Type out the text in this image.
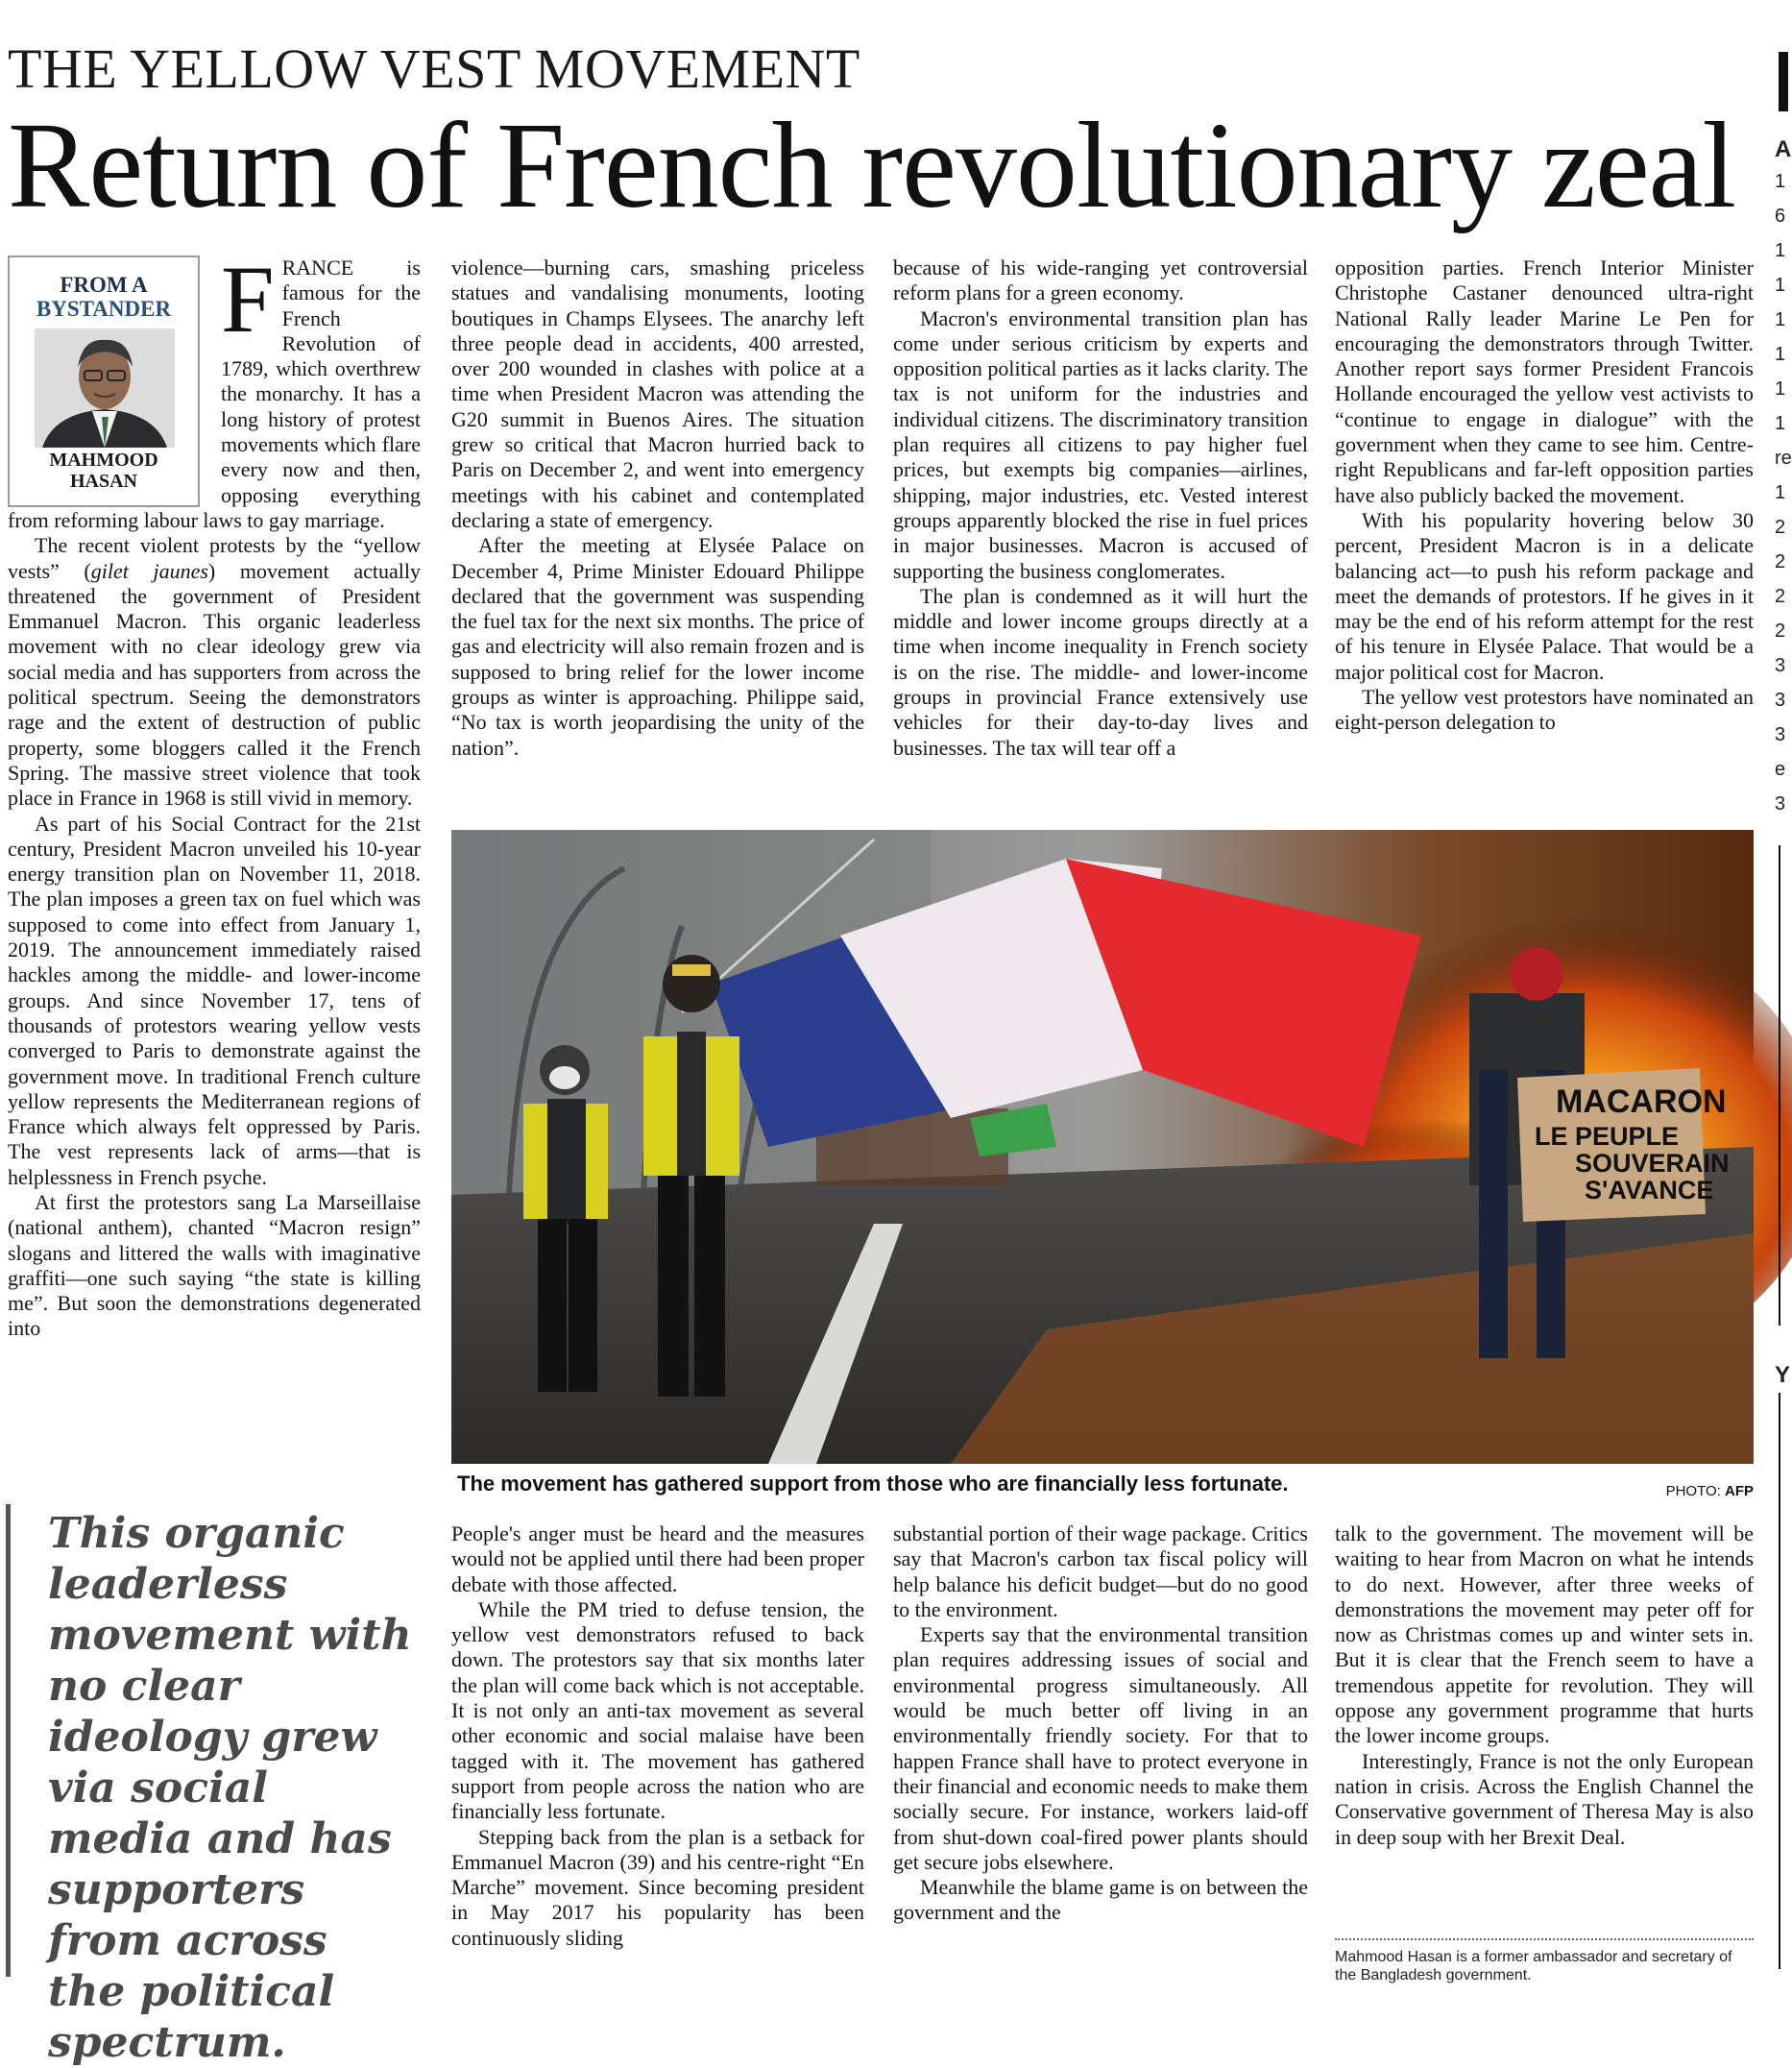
THE YELLOW VEST MOVEMENT
Return of French revolutionary zeal
FROM A
BYSTANDER
MAHMOOD
HASAN

FRANCE is famous for the French Revolution of 1789, which overthrew the monarchy. It has a long history of protest movements which flare every now and then, opposing everything from reforming labour laws to gay marriage.

The recent violent protests by the “yellow vests” (gilet jaunes) movement actually threatened the government of President Emmanuel Macron. This organic leaderless movement with no clear ideology grew via social media and has supporters from across the political spectrum. Seeing the demonstrators rage and the extent of destruction of public property, some bloggers called it the French Spring. The massive street violence that took place in France in 1968 is still vivid in memory.

As part of his Social Contract for the 21st century, President Macron unveiled his 10-year energy transition plan on November 11, 2018. The plan imposes a green tax on fuel which was supposed to come into effect from January 1, 2019. The announcement immediately raised hackles among the middle- and lower-income groups. And since November 17, tens of thousands of protestors wearing yellow vests converged to Paris to demonstrate against the government move. In traditional French culture yellow represents the Mediterranean regions of France which always felt oppressed by Paris. The vest represents lack of arms—that is helplessness in French psyche.

At first the protestors sang La Marseillaise (national anthem), chanted “Macron resign” slogans and littered the walls with imaginative graffiti—one such saying “the state is killing me”. But soon the demonstrations degenerated into

violence—burning cars, smashing priceless statues and vandalising monuments, looting boutiques in Champs Elysees. The anarchy left three people dead in accidents, 400 arrested, over 200 wounded in clashes with police at a time when President Macron was attending the G20 summit in Buenos Aires. The situation grew so critical that Macron hurried back to Paris on December 2, and went into emergency meetings with his cabinet and contemplated declaring a state of emergency.

After the meeting at Elysée Palace on December 4, Prime Minister Edouard Philippe declared that the government was suspending the fuel tax for the next six months. The price of gas and electricity will also remain frozen and is supposed to bring relief for the lower income groups as winter is approaching. Philippe said, “No tax is worth jeopardising the unity of the nation”.

because of his wide-ranging yet controversial reform plans for a green economy.

Macron's environmental transition plan has come under serious criticism by experts and opposition political parties as it lacks clarity. The tax is not uniform for the industries and individual citizens. The discriminatory transition plan requires all citizens to pay higher fuel prices, but exempts big companies—airlines, shipping, major industries, etc. Vested interest groups apparently blocked the rise in fuel prices in major businesses. Macron is accused of supporting the business conglomerates.

The plan is condemned as it will hurt the middle and lower income groups directly at a time when income inequality in French society is on the rise. The middle- and lower-income groups in provincial France extensively use vehicles for their day-to-day lives and businesses. The tax will tear off a

opposition parties. French Interior Minister Christophe Castaner denounced ultra-right National Rally leader Marine Le Pen for encouraging the demonstrators through Twitter. Another report says former President Francois Hollande encouraged the yellow vest activists to “continue to engage in dialogue” with the government when they came to see him. Centre-right Republicans and far-left opposition parties have also publicly backed the movement.

With his popularity hovering below 30 percent, President Macron is in a delicate balancing act—to push his reform package and meet the demands of protestors. If he gives in it may be the end of his reform attempt for the rest of his tenure in Elysée Palace. That would be a major political cost for Macron.

The yellow vest protestors have nominated an eight-person delegation to

MACARON
LE PEUPLE
SOUVERAIN
S'AVANCE
The movement has gathered support from those who are financially less fortunate.	PHOTO: AFP
This organic leaderless movement with no clear ideology grew via social media and has supporters from across the political spectrum.

People's anger must be heard and the measures would not be applied until there had been proper debate with those affected.

While the PM tried to defuse tension, the yellow vest demonstrators refused to back down. The protestors say that six months later the plan will come back which is not acceptable. It is not only an anti-tax movement as several other economic and social malaise have been tagged with it. The movement has gathered support from people across the nation who are financially less fortunate.

Stepping back from the plan is a setback for Emmanuel Macron (39) and his centre-right “En Marche” movement. Since becoming president in May 2017 his popularity has been continuously sliding

substantial portion of their wage package. Critics say that Macron's carbon tax fiscal policy will help balance his deficit budget—but do no good to the environment.

Experts say that the environmental transition plan requires addressing issues of social and environmental progress simultaneously. All would be much better off living in an environmentally friendly society. For that to happen France shall have to protect everyone in their financial and economic needs to make them socially secure. For instance, workers laid-off from shut-down coal-fired power plants should get secure jobs elsewhere.

Meanwhile the blame game is on between the government and the

talk to the government. The movement will be waiting to hear from Macron on what he intends to do next. However, after three weeks of demonstrations the movement may peter off for now as Christmas comes up and winter sets in. But it is clear that the French seem to have a tremendous appetite for revolution. They will oppose any government programme that hurts the lower income groups.

Interestingly, France is not the only European nation in crisis. Across the English Channel the Conservative government of Theresa May is also in deep soup with her Brexit Deal.

Mahmood Hasan is a former ambassador and secretary of the Bangladesh government.
A
1
6
1
1
1
1
1
1
re
1
2
2
2
2
3
3
3
e
3
Y
